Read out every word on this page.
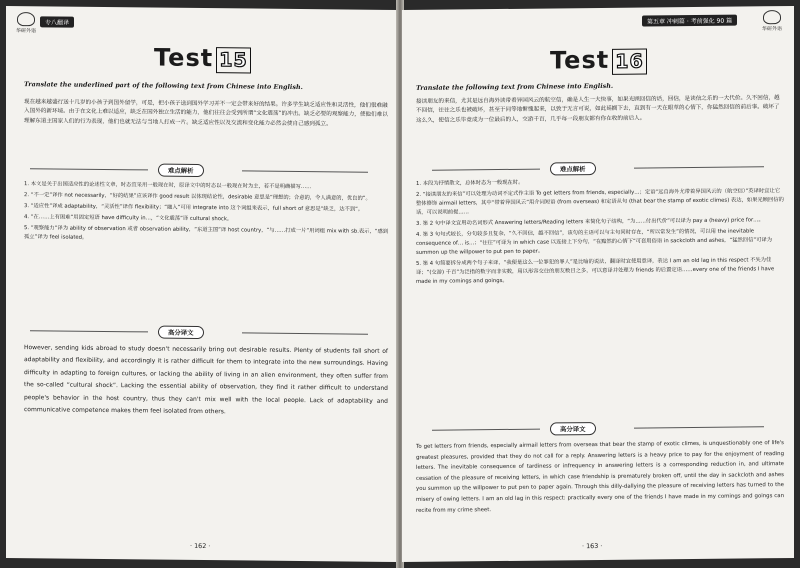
华研外语
专八翻译
Test 15
Translate the underlined part of the following text from Chinese into English.
现在越来越盛行送十几岁的小孩子到国外留学，可是，把小孩子送到国外学习并不一定会带来好的结果。许多学生缺乏适应性和灵活性，他们很难融入国外的新环境。由于在文化上难以适应，缺乏在国外独立生活的能力，他们往往会受到所谓“文化震荡”的冲击。缺乏必要的观察能力，使他们难以理解东道主国家人们的行为表现，他们也就无法与当地人打成一片。缺乏适应性以及交流和变化能力必然会使自己感到孤立。
难点解析
1. 本文是关于出国适应性的论述性文章，时态宜采用一般现在时，原译文中的时态以一般现在时为主，若不是明确描写……
2. “不一定”译作 not necessarily，“好的结果”应该译作 good result 以体现结论性，desirable 意思是“理想的；合意的，令人满意的，优良的”。
3. “适应性”译成 adaptability，“灵活性”译作 flexibility；“融入”可用 integrate into 这个词组来表示，full short of 意思是“缺乏，达不到”。
4. “在……上有困难”用固定短语 have difficulty in…，“文化震荡”译 cultural shock。
5. “观察能力”译为 ability of observation 或者 observation ability，“东道主国”译 host country，“与……打成一片”用词组 mix with sb.表示，“感到孤立”译为 feel isolated。
高分译文
However, sending kids abroad to study doesn't necessarily bring out desirable results. Plenty of students fall short of adaptability and flexibility, and accordingly it is rather difficult for them to integrate into the new surroundings. Having difficulty in adapting to foreign cultures, or lacking the ability of living in an alien environment, they often suffer from the so-called “cultural shock”. Lacking the essential ability of observation, they find it rather difficult to understand people's behavior in the host country, thus they can't mix well with the local people. Lack of adaptability and communicative competence makes them feel isolated from others.
· 162 ·
第五章 冲刺篇 · 考前强化 90 篇
华研外语
Test 16
Translate the following text from Chinese into English.
接读朋友的来信，尤其是远自海外读带着异国风云的航空信，确是人生一大快事，如果光顾回信的话，回信，是读信之乐的一大代价。久不回信，越不回信，往往之乐也被破坏，甚至于同等地惭愧起来，以致于无言可说，如此延搁下去，直到有一天在眼萃的心情下，你猛然回信的前后事。破坏了这么久，使信之乐毕竟成为一位最后的人，交游千百，几乎每一段朋友都有你在收的前后人。
难点解析
1. 本段为抒情散文，总体时态为一般现在时。
2. “接读朋友的来信”可以处理为动词不定式作主语 To get letters from friends, especially…；定语“远自海外尤带着异国风云的（航空信）”英译时宜让它整体修饰 airmail letters，其中“带着异国风云”用介词短语 (from overseas) 和定语从句 (that bear the stamp of exotic climes) 表达，如果光顾回信的话，可以说明前提……
3. 第 2 句中译文宜用动名词形式 Answering letters/Reading letters 来简化句子结构，“为……付出代价”可以译为 pay a (heavy) price for…。
4. 第 3 句句式较长，分句较多且复杂，“久不回信，越不回信”，该句的主语可以与主句同时存在，“所以常发生”的情况，可以用 the inevitable consequence of… is…；“往往”可译为 in which case 以连接上下分句，“在黯然的心情下”可套用俗语 in sackcloth and ashes，“猛然回信”可译为 summon up the willpower to put pen to paper。
5. 第 4 句简要拆分成两个句子来译，“我便是这么一位罪犯的罪人”是比喻的说法，翻译时宜使用意译，表达 I am an old lag in this respect 不失为佳译；“(交游) 千百”为泛指的数字而非实数，用以形容交往的朋友数目之多，可以意译并处理为 friends 的后置定语……every one of the friends I have made in my comings and goings。
高分译文
To get letters from friends, especially airmail letters from overseas that bear the stamp of exotic climes, is unquestionably one of life's greatest pleasures, provided that they do not call for a reply. Answering letters is a heavy price to pay for the enjoyment of reading letters. The inevitable consequence of tardiness or infrequency in answering letters is a corresponding reduction in, and ultimate cessation of the pleasure of receiving letters, in which case friendship is prematurely broken off, until the day in sackcloth and ashes you summon up the willpower to put pen to paper again. Through this dilly-dallying the pleasure of receiving letters has turned to the misery of owing letters. I am an old lag in this respect: practically every one of the friends I have made in my comings and goings can recite from my crime sheet.
· 163 ·
